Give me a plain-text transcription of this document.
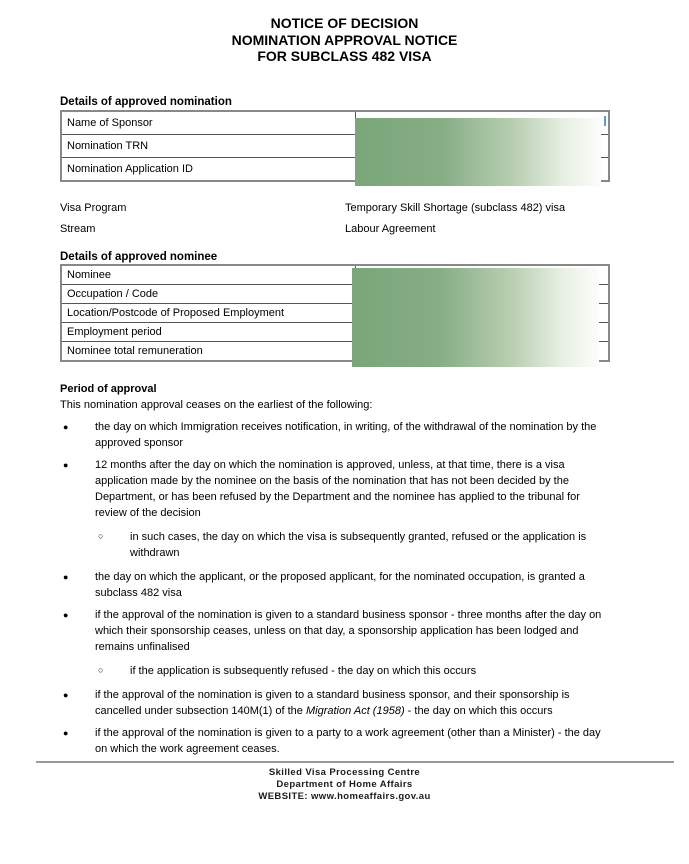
NOTICE OF DECISION
NOMINATION APPROVAL NOTICE
FOR SUBCLASS 482 VISA
Details of approved nomination
Name of Sponsor	
Nomination TRN	
Nomination Application ID	
Visa Program	Temporary Skill Shortage (subclass 482) visa
Stream	Labour Agreement
Details of approved nominee
Nominee	
Occupation / Code	
Location/Postcode of Proposed Employment	
Employment period	
Nominee total remuneration	
Period of approval
This nomination approval ceases on the earliest of the following:
● the day on which Immigration receives notification, in writing, of the withdrawal of the nomination by the approved sponsor
● 12 months after the day on which the nomination is approved, unless, at that time, there is a visa application made by the nominee on the basis of the nomination that has not been decided by the Department, or has been refused by the Department and the nominee has applied to the tribunal for review of the decision
○ in such cases, the day on which the visa is subsequently granted, refused or the application is withdrawn
● the day on which the applicant, or the proposed applicant, for the nominated occupation, is granted a subclass 482 visa
● if the approval of the nomination is given to a standard business sponsor - three months after the day on which their sponsorship ceases, unless on that day, a sponsorship application has been lodged and remains unfinalised
○ if the application is subsequently refused - the day on which this occurs
● if the approval of the nomination is given to a standard business sponsor, and their sponsorship is cancelled under subsection 140M(1) of the Migration Act (1958) - the day on which this occurs
● if the approval of the nomination is given to a party to a work agreement (other than a Minister) - the day on which the work agreement ceases.
Skilled Visa Processing Centre
Department of Home Affairs
WEBSITE: www.homeaffairs.gov.au
